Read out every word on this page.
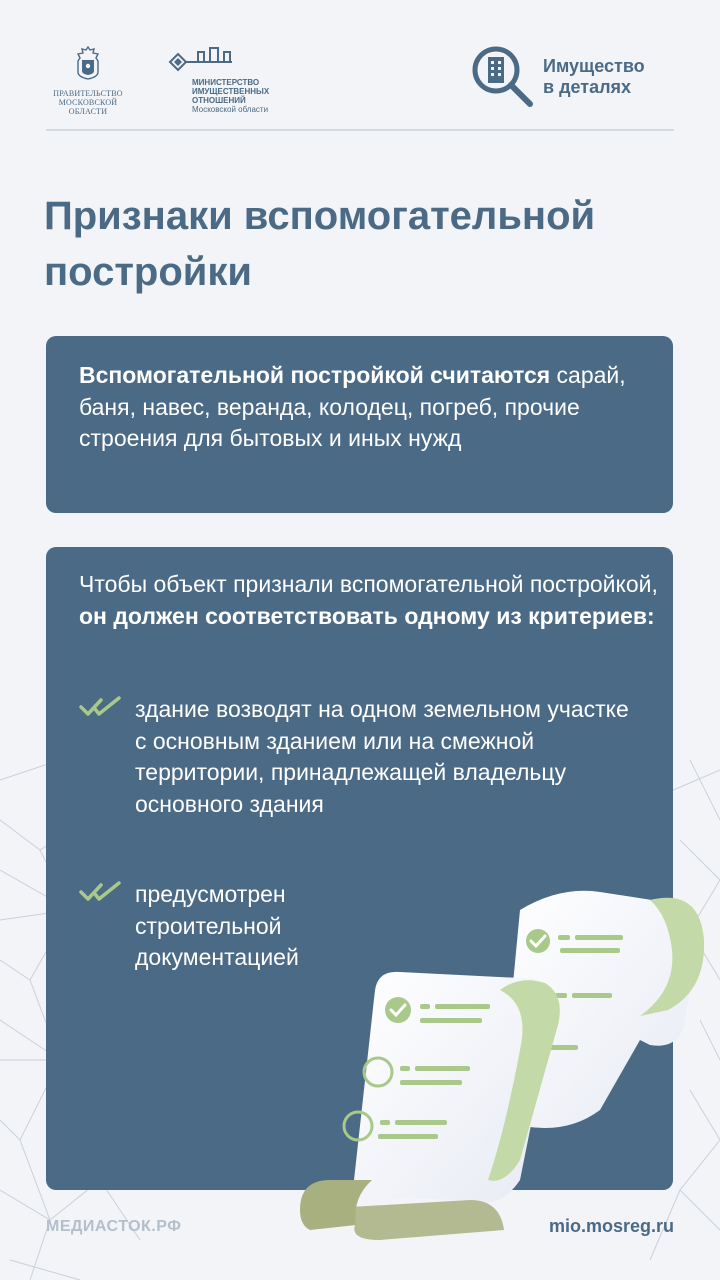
ПРАВИТЕЛЬСТВО
МОСКОВСКОЙ
ОБЛАСТИ
МИНИСТЕРСТВО
ИМУЩЕСТВЕННЫХ
ОТНОШЕНИЙ
Московской области
Имущество
в деталях
Признаки вспомогательной постройки
Вспомогательной постройкой считаются сарай, баня, навес, веранда, колодец, погреб, прочие строения для бытовых и иных нужд
Чтобы объект признали вспомогательной постройкой, он должен соответствовать одному из критериев:
здание возводят на одном земельном участке с основным зданием или на смежной территории, принадлежащей владельцу основного здания
предусмотрен строительной документацией
МЕДИАСТОК.РФ	mio.mosreg.ru
